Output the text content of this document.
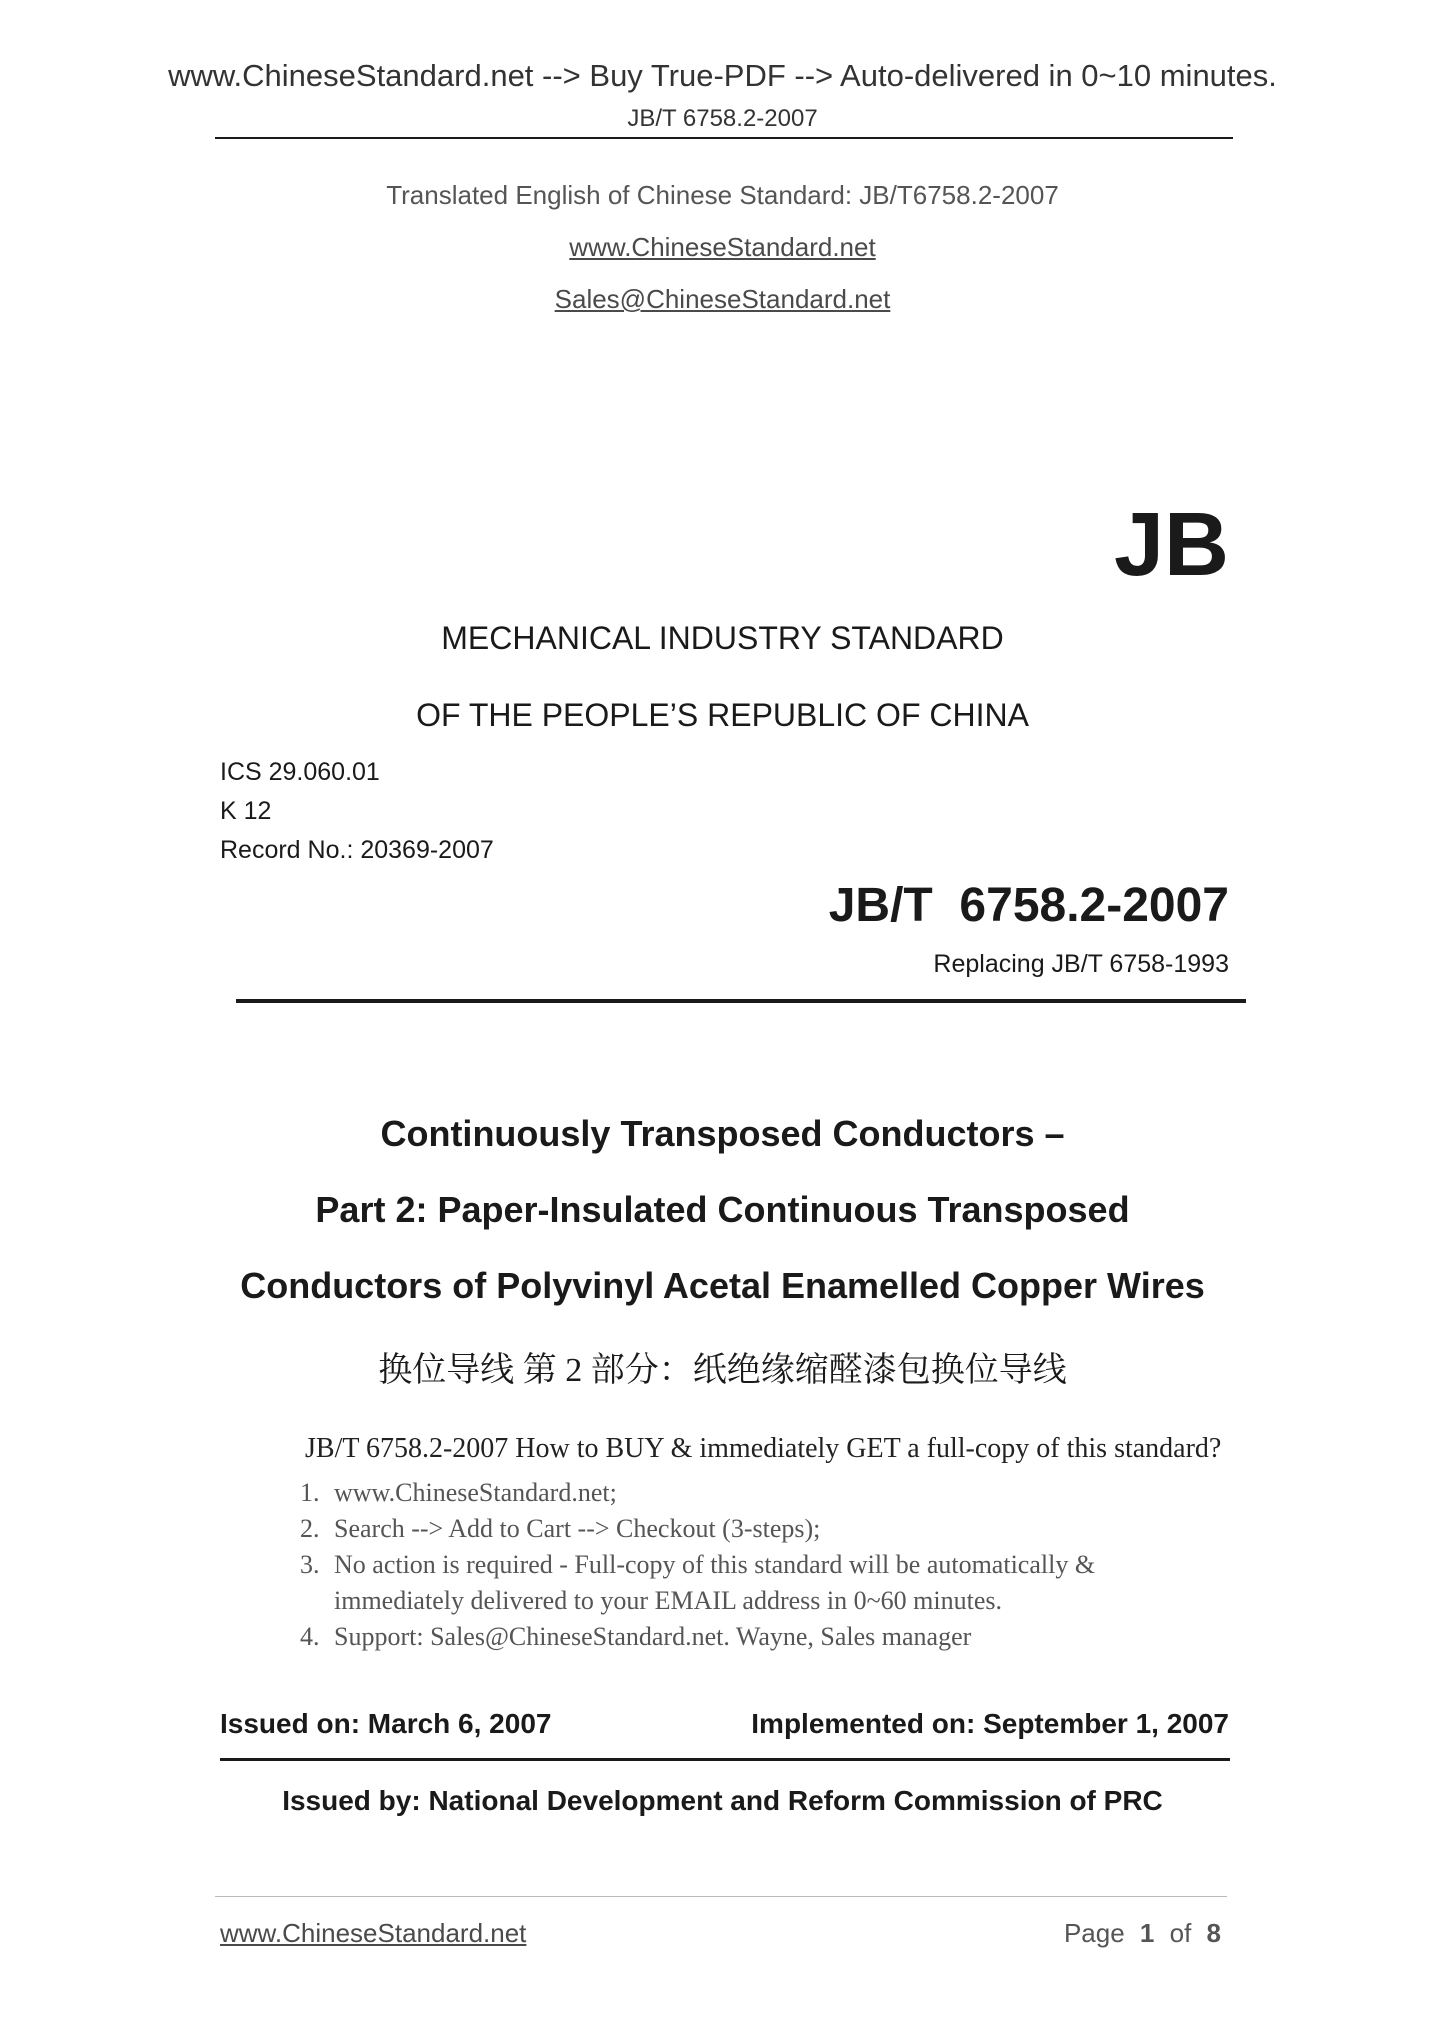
www.ChineseStandard.net --> Buy True-PDF --> Auto-delivered in 0~10 minutes.
JB/T 6758.2-2007
Translated English of Chinese Standard: JB/T6758.2-2007
www.ChineseStandard.net
Sales@ChineseStandard.net
JB
MECHANICAL INDUSTRY STANDARD
OF THE PEOPLE’S REPUBLIC OF CHINA
ICS 29.060.01
K 12
Record No.: 20369-2007
JB/T  6758.2-2007
Replacing JB/T 6758-1993
Continuously Transposed Conductors –
Part 2: Paper-Insulated Continuous Transposed
Conductors of Polyvinyl Acetal Enamelled Copper Wires
换位导线 第 2 部分：纸绝缘缩醛漆包换位导线
JB/T 6758.2-2007 How to BUY & immediately GET a full-copy of this standard?
1. www.ChineseStandard.net;
2. Search --> Add to Cart --> Checkout (3-steps);
3. No action is required - Full-copy of this standard will be automatically & immediately delivered to your EMAIL address in 0~60 minutes.
4. Support: Sales@ChineseStandard.net. Wayne, Sales manager
Issued on: March 6, 2007	Implemented on: September 1, 2007
Issued by: National Development and Reform Commission of PRC
www.ChineseStandard.net	Page 1 of 8
